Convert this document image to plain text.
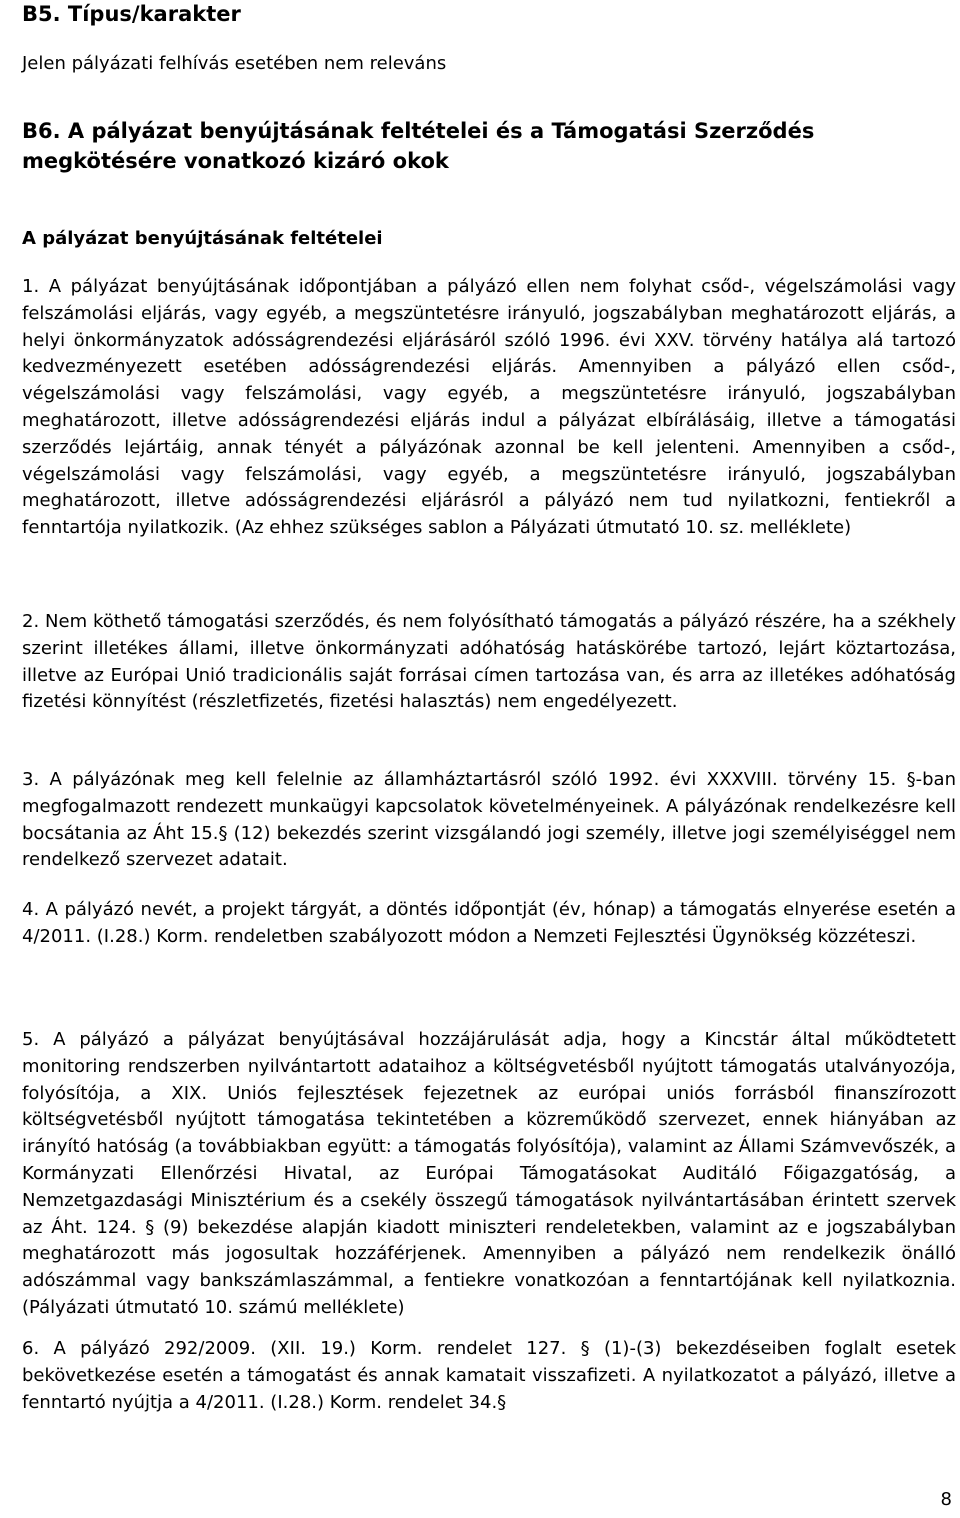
B5. Típus/karakter

Jelen pályázati felhívás esetében nem releváns

B6. A pályázat benyújtásának feltételei és a Támogatási Szerződés
megkötésére vonatkozó kizáró okok
A pályázat benyújtásának feltételei

1. A pályázat benyújtásának időpontjában a pályázó ellen nem folyhat csőd-, végelszámolási vagy felszámolási eljárás, vagy egyéb, a megszüntetésre irányuló, jogszabályban meghatározott eljárás, a helyi önkormányzatok adósságrendezési eljárásáról szóló 1996. évi XXV. törvény hatálya alá tartozó kedvezményezett esetében adósságrendezési eljárás. Amennyiben a pályázó ellen csőd-, végelszámolási vagy felszámolási, vagy egyéb, a megszüntetésre irányuló, jogszabályban meghatározott, illetve adósságrendezési eljárás indul a pályázat elbírálásáig, illetve a támogatási szerződés lejártáig, annak tényét a pályázónak azonnal be kell jelenteni. Amennyiben a csőd-, végelszámolási vagy felszámolási, vagy egyéb, a megszüntetésre irányuló, jogszabályban meghatározott, illetve adósságrendezési eljárásról a pályázó nem tud nyilatkozni, fentiekről a fenntartója nyilatkozik. (Az ehhez szükséges sablon a Pályázati útmutató 10. sz. melléklete)

2. Nem köthető támogatási szerződés, és nem folyósítható támogatás a pályázó részére, ha a székhely szerint illetékes állami, illetve önkormányzati adóhatóság hatáskörébe tartozó, lejárt köztartozása, illetve az Európai Unió tradicionális saját forrásai címen tartozása van, és arra az illetékes adóhatóság fizetési könnyítést (részletfizetés, fizetési halasztás) nem engedélyezett.

3. A pályázónak meg kell felelnie az államháztartásról szóló 1992. évi XXXVIII. törvény 15. §-ban megfogalmazott rendezett munkaügyi kapcsolatok követelményeinek. A pályázónak rendelkezésre kell bocsátania az Áht 15.§ (12) bekezdés szerint vizsgálandó jogi személy, illetve jogi személyiséggel nem rendelkező szervezet adatait.

4. A pályázó nevét, a projekt tárgyát, a döntés időpontját (év, hónap) a támogatás elnyerése esetén a 4/2011. (I.28.) Korm. rendeletben szabályozott módon a Nemzeti Fejlesztési Ügynökség közzéteszi.

5. A pályázó a pályázat benyújtásával hozzájárulását adja, hogy a Kincstár által működtetett monitoring rendszerben nyilvántartott adataihoz a költségvetésből nyújtott támogatás utalványozója, folyósítója, a XIX. Uniós fejlesztések fejezetnek az európai uniós forrásból finanszírozott költségvetésből nyújtott támogatása tekintetében a közreműködő szervezet, ennek hiányában az irányító hatóság (a továbbiakban együtt: a támogatás folyósítója), valamint az Állami Számvevőszék, a Kormányzati Ellenőrzési Hivatal, az Európai Támogatásokat Auditáló Főigazgatóság, a Nemzetgazdasági Minisztérium és a csekély összegű támogatások nyilvántartásában érintett szervek az Áht. 124. § (9) bekezdése alapján kiadott miniszteri rendeletekben, valamint az e jogszabályban meghatározott más jogosultak hozzáférjenek. Amennyiben a pályázó nem rendelkezik önálló adószámmal vagy bankszámlaszámmal, a fentiekre vonatkozóan a fenntartójának kell nyilatkoznia. (Pályázati útmutató 10. számú melléklete)

6. A pályázó 292/2009. (XII. 19.) Korm. rendelet 127. § (1)-(3) bekezdéseiben foglalt esetek bekövetkezése esetén a támogatást és annak kamatait visszafizeti. A nyilatkozatot a pályázó, illetve a fenntartó nyújtja a 4/2011. (I.28.) Korm. rendelet 34.§

8
